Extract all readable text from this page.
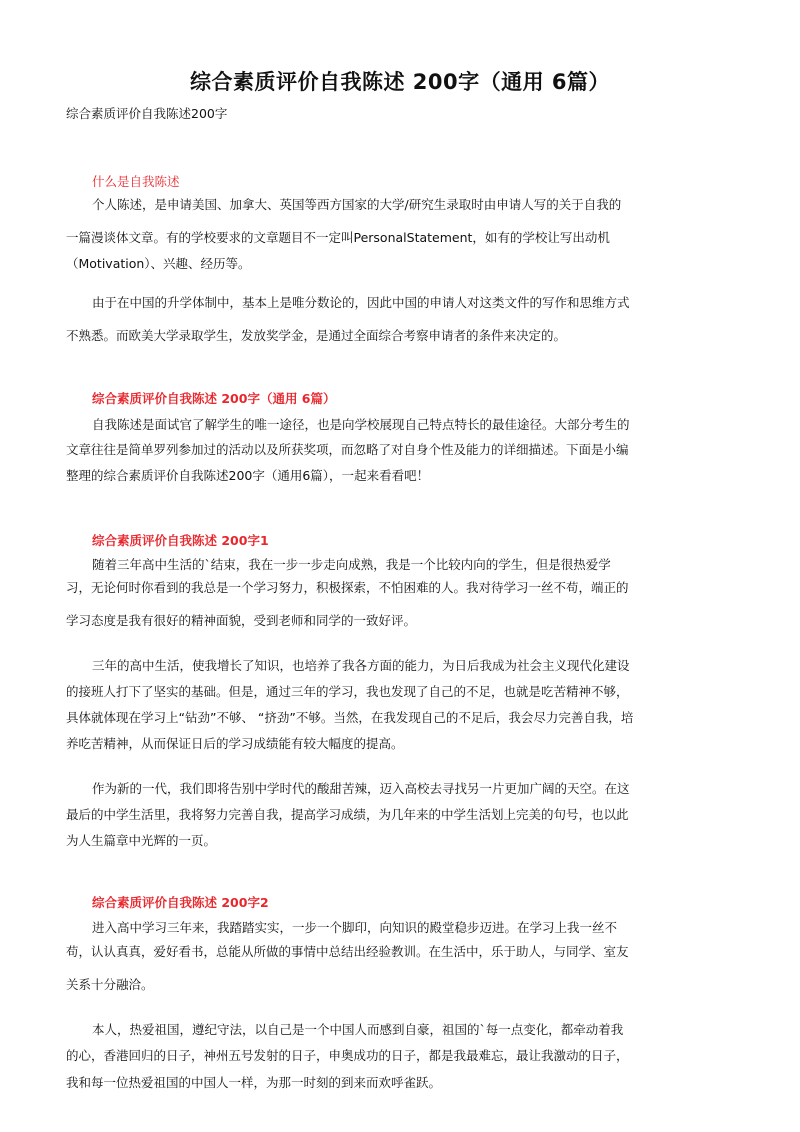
综合素质评价自我陈述 200字（通用 6篇）
综合素质评价自我陈述200字
什么是自我陈述
个人陈述，是申请美国、加拿大、英国等西方国家的大学/研究生录取时由申请人写的关于自我的
一篇漫谈体文章。有的学校要求的文章题目不一定叫PersonalStatement，如有的学校让写出动机
（Motivation）、兴趣、经历等。
由于在中国的升学体制中，基本上是唯分数论的，因此中国的申请人对这类文件的写作和思维方式
不熟悉。而欧美大学录取学生，发放奖学金，是通过全面综合考察申请者的条件来决定的。
综合素质评价自我陈述 200字（通用 6篇）
自我陈述是面试官了解学生的唯一途径，也是向学校展现自己特点特长的最佳途径。大部分考生的
文章往往是简单罗列参加过的活动以及所获奖项，而忽略了对自身个性及能力的详细描述。下面是小编
整理的综合素质评价自我陈述200字（通用6篇），一起来看看吧！
综合素质评价自我陈述 200字1
随着三年高中生活的`结束，我在一步一步走向成熟，我是一个比较内向的学生，但是很热爱学
习，无论何时你看到的我总是一个学习努力，积极探索，不怕困难的人。我对待学习一丝不苟，端正的
学习态度是我有很好的精神面貌，受到老师和同学的一致好评。
三年的高中生活，使我增长了知识，也培养了我各方面的能力，为日后我成为社会主义现代化建设
的接班人打下了坚实的基础。但是，通过三年的学习，我也发现了自己的不足，也就是吃苦精神不够，
具体就体现在学习上“钻劲”不够、 “挤劲”不够。当然，在我发现自己的不足后，我会尽力完善自我，培
养吃苦精神，从而保证日后的学习成绩能有较大幅度的提高。
作为新的一代，我们即将告别中学时代的酸甜苦辣，迈入高校去寻找另一片更加广阔的天空。在这
最后的中学生活里，我将努力完善自我，提高学习成绩，为几年来的中学生活划上完美的句号，也以此
为人生篇章中光辉的一页。
综合素质评价自我陈述 200字2
进入高中学习三年来，我踏踏实实，一步一个脚印，向知识的殿堂稳步迈进。在学习上我一丝不
苟，认认真真，爱好看书，总能从所做的事情中总结出经验教训。在生活中，乐于助人，与同学、室友
关系十分融洽。
本人，热爱祖国，遵纪守法，以自己是一个中国人而感到自豪，祖国的`每一点变化，都牵动着我
的心，香港回归的日子，神州五号发射的日子，申奥成功的日子，都是我最难忘，最让我激动的日子，
我和每一位热爱祖国的中国人一样，为那一时刻的到来而欢呼雀跃。
